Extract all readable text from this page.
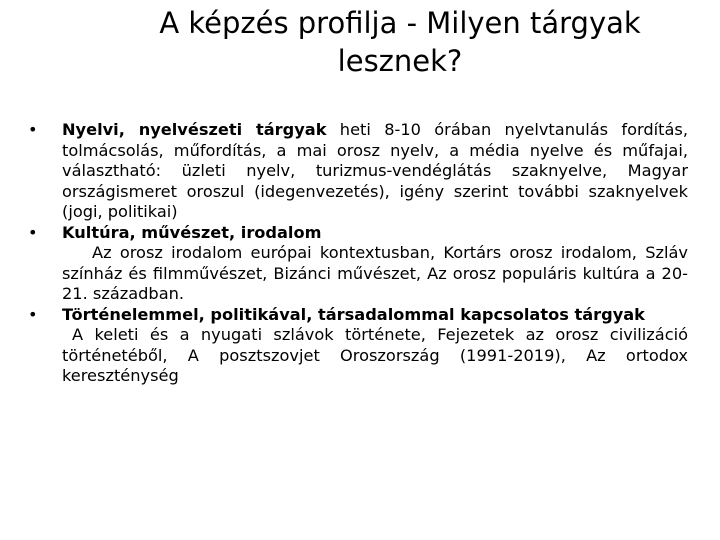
A képzés profilja - Milyen tárgyak lesznek?
•	Nyelvi, nyelvészeti tárgyak heti 8-10 órában nyelvtanulás fordítás, tolmácsolás, műfordítás, a mai orosz nyelv, a média nyelve és műfajai, választható: üzleti nyelv, turizmus-vendéglátás szaknyelve, Magyar országismeret oroszul (idegenvezetés), igény szerint további szaknyelvek (jogi, politikai)
•	Kultúra, művészet, irodalom
Az orosz irodalom európai kontextusban, Kortárs orosz irodalom, Szláv színház és filmművészet, Bizánci művészet, Az orosz populáris kultúra a 20-21. században.
•	Történelemmel, politikával, társadalommal kapcsolatos tárgyak
A keleti és a nyugati szlávok története, Fejezetek az orosz civilizáció történetéből, A posztszovjet Oroszország (1991-2019), Az ortodox kereszténység
